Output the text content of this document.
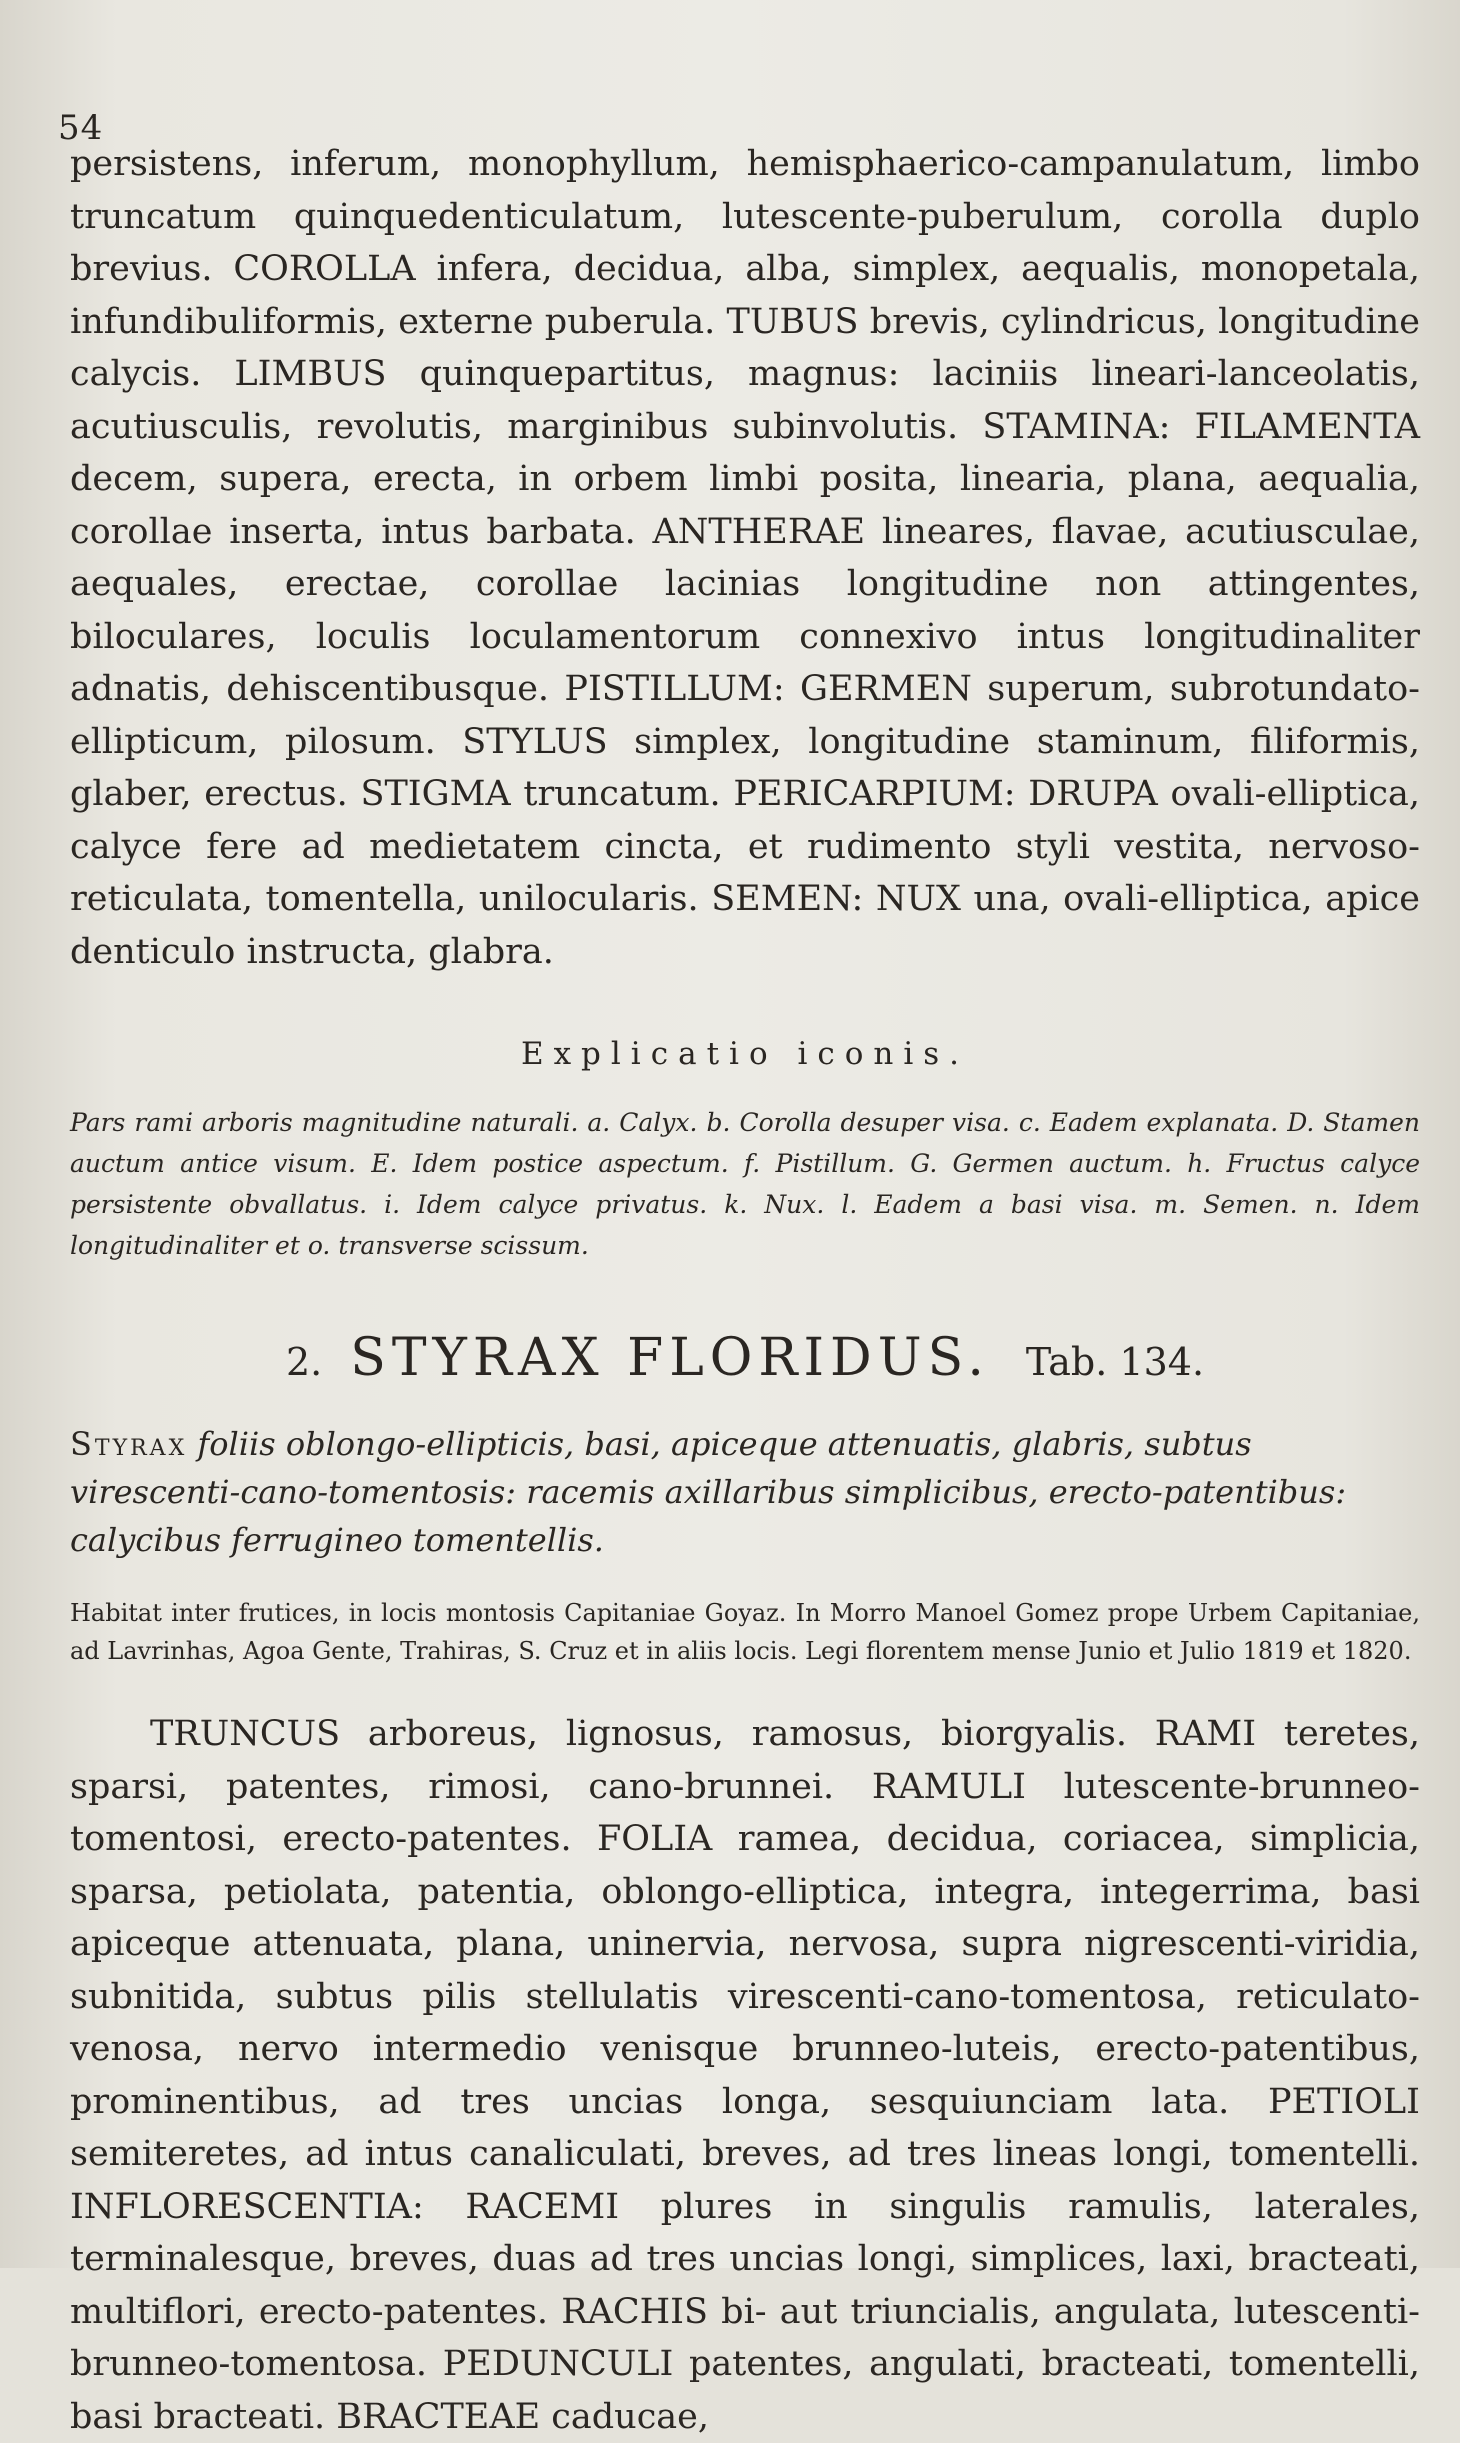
54

persistens, inferum, monophyllum, hemisphaerico-campanulatum, limbo truncatum quinquedenticulatum, lutescente-puberulum, corolla duplo brevius. COROLLA infera, decidua, alba, simplex, aequalis, monopetala, infundibuliformis, externe puberula. TUBUS brevis, cylindricus, longitudine calycis. LIMBUS quinquepartitus, magnus: laciniis lineari-lanceolatis, acutiusculis, revolutis, marginibus subinvolutis. STAMINA: FILAMENTA decem, supera, erecta, in orbem limbi posita, linearia, plana, aequalia, corollae inserta, intus barbata. ANTHERAE lineares, flavae, acutiusculae, aequales, erectae, corollae lacinias longitudine non attingentes, biloculares, loculis loculamentorum connexivo intus longitudinaliter adnatis, dehiscentibusque. PISTILLUM: GERMEN superum, subrotundato-ellipticum, pilosum. STYLUS simplex, longitudine staminum, filiformis, glaber, erectus. STIGMA truncatum. PERICARPIUM: DRUPA ovali-elliptica, calyce fere ad medietatem cincta, et rudimento styli vestita, nervoso-reticulata, tomentella, unilocularis. SEMEN: NUX una, ovali-elliptica, apice denticulo instructa, glabra.

Explicatio iconis.

Pars rami arboris magnitudine naturali. a. Calyx. b. Corolla desuper visa. c. Eadem explanata. D. Stamen auctum antice visum. E. Idem postice aspectum. f. Pistillum. G. Germen auctum. h. Fructus calyce persistente obvallatus. i. Idem calyce privatus. k. Nux. l. Eadem a basi visa. m. Semen. n. Idem longitudinaliter et o. transverse scissum.

2. STYRAX FLORIDUS. Tab. 134.

Styrax foliis oblongo-ellipticis, basi, apiceque attenuatis, glabris, subtus virescenti-cano-tomentosis: racemis axillaribus simplicibus, erecto-patentibus: calycibus ferrugineo tomentellis.

Habitat inter frutices, in locis montosis Capitaniae Goyaz. In Morro Manoel Gomez prope Urbem Capitaniae, ad Lavrinhas, Agoa Gente, Trahiras, S. Cruz et in aliis locis. Legi florentem mense Junio et Julio 1819 et 1820.

TRUNCUS arboreus, lignosus, ramosus, biorgyalis. RAMI teretes, sparsi, patentes, rimosi, cano-brunnei. RAMULI lutescente-brunneo-tomentosi, erecto-patentes. FOLIA ramea, decidua, coriacea, simplicia, sparsa, petiolata, patentia, oblongo-elliptica, integra, integerrima, basi apiceque attenuata, plana, uninervia, nervosa, supra nigrescenti-viridia, subnitida, subtus pilis stellulatis virescenti-cano-tomentosa, reticulato-venosa, nervo intermedio venisque brunneo-luteis, erecto-patentibus, prominentibus, ad tres uncias longa, sesquiunciam lata. PETIOLI semiteretes, ad intus canaliculati, breves, ad tres lineas longi, tomentelli. INFLORESCENTIA: RACEMI plures in singulis ramulis, laterales, terminalesque, breves, duas ad tres uncias longi, simplices, laxi, bracteati, multiflori, erecto-patentes. RACHIS bi- aut triuncialis, angulata, lutescenti-brunneo-tomentosa. PEDUNCULI patentes, angulati, bracteati, tomentelli, basi bracteati. BRACTEAE caducae,
